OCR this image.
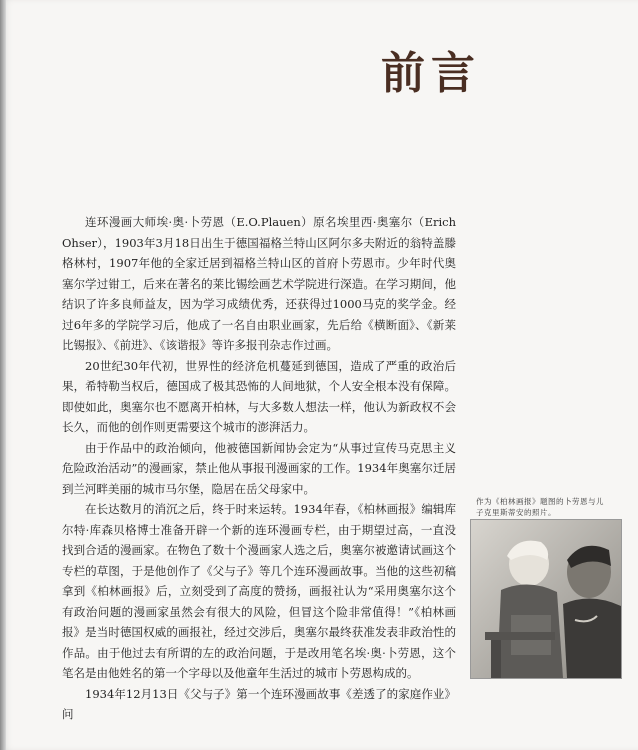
前言

连环漫画大师埃·奥·卜劳恩（E.O.Plauen）原名埃里西·奥塞尔（Erich Ohser），1903年3月18日出生于德国福格兰特山区阿尔多夫附近的翁特盖滕格林村，1907年他的全家迁居到福格兰特山区的首府卜劳恩市。少年时代奥塞尔学过钳工，后来在著名的莱比锡绘画艺术学院进行深造。在学习期间，他结识了许多良师益友，因为学习成绩优秀，还获得过1000马克的奖学金。经过6年多的学院学习后，他成了一名自由职业画家，先后给《横断面》、《新莱比锡报》、《前进》、《该谐报》等许多报刊杂志作过画。

20世纪30年代初，世界性的经济危机蔓延到德国，造成了严重的政治后果，希特勒当权后，德国成了极其恐怖的人间地狱，个人安全根本没有保障。即使如此，奥塞尔也不愿离开柏林，与大多数人想法一样，他认为新政权不会长久，而他的创作则更需要这个城市的澎湃活力。

由于作品中的政治倾向，他被德国新闻协会定为“从事过宣传马克思主义危险政治活动”的漫画家，禁止他从事报刊漫画家的工作。1934年奥塞尔迁居到兰河畔美丽的城市马尔堡，隐居在岳父母家中。

在长达数月的消沉之后，终于时来运转。1934年春，《柏林画报》编辑库尔特·库森贝格博士准备开辟一个新的连环漫画专栏，由于期望过高，一直没找到合适的漫画家。在物色了数十个漫画家人选之后，奥塞尔被邀请试画这个专栏的草图，于是他创作了《父与子》等几个连环漫画故事。当他的这些初稿拿到《柏林画报》后，立刻受到了高度的赞扬，画报社认为“采用奥塞尔这个有政治问题的漫画家虽然会有很大的风险，但冒这个险非常值得！”《柏林画报》是当时德国权威的画报社，经过交涉后，奥塞尔最终获准发表非政治性的作品。由于他过去有所谓的左的政治问题，于是改用笔名埃·奥·卜劳恩，这个笔名是由他姓名的第一个字母以及他童年生活过的城市卜劳恩构成的。

1934年12月13日《父与子》第一个连环漫画故事《差透了的家庭作业》问

作为《柏林画报》题图的卜劳恩与儿子克里斯蒂安的照片。
